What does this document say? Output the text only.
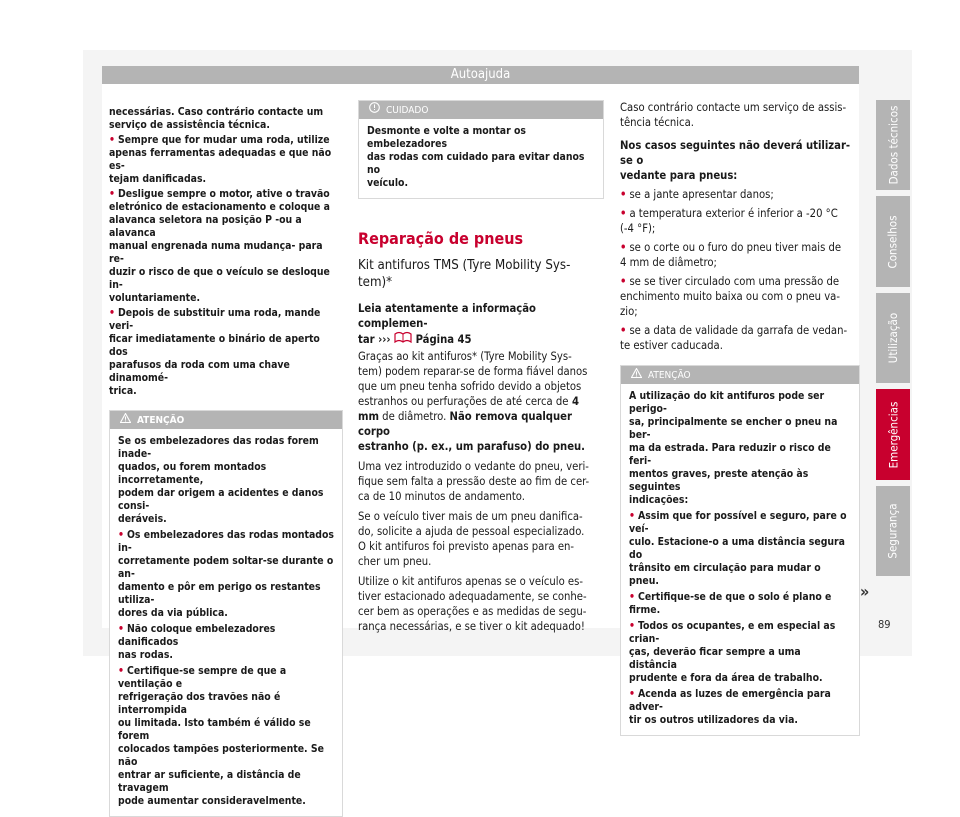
Autoajuda
necessárias. Caso contrário contacte um
serviço de assistência técnica.
• Sempre que for mudar uma roda, utilize
apenas ferramentas adequadas e que não es-
tejam danificadas.
• Desligue sempre o motor, ative o travão
eletrónico de estacionamento e coloque a
alavanca seletora na posição P -ou a alavanca
manual engrenada numa mudança- para re-
duzir o risco de que o veículo se desloque in-
voluntariamente.
• Depois de substituir uma roda, mande veri-
ficar imediatamente o binário de aperto dos
parafusos da roda com uma chave dinamomé-
trica.
ATENÇÃO
Se os embelezadores das rodas forem inade-
quados, ou forem montados incorretamente,
podem dar origem a acidentes e danos consi-
deráveis.
• Os embelezadores das rodas montados in-
corretamente podem soltar-se durante o an-
damento e pôr em perigo os restantes utiliza-
dores da via pública.
• Não coloque embelezadores danificados
nas rodas.
• Certifique-se sempre de que a ventilação e
refrigeração dos travões não é interrompida
ou limitada. Isto também é válido se forem
colocados tampões posteriormente. Se não
entrar ar suficiente, a distância de travagem
pode aumentar consideravelmente.
CUIDADO
Desmonte e volte a montar os embelezadores
das rodas com cuidado para evitar danos no
veículo.
Reparação de pneus
Kit antifuros TMS (Tyre Mobility Sys-
tem)*
Leia atentamente a informação complemen-
tar ››› Página 45
Graças ao kit antifuros* (Tyre Mobility Sys-
tem) podem reparar-se de forma fiável danos
que um pneu tenha sofrido devido a objetos
estranhos ou perfurações de até cerca de 4
mm de diâmetro. Não remova qualquer corpo
estranho (p. ex., um parafuso) do pneu.
Uma vez introduzido o vedante do pneu, veri-
fique sem falta a pressão deste ao fim de cer-
ca de 10 minutos de andamento.
Se o veículo tiver mais de um pneu danifica-
do, solicite a ajuda de pessoal especializado.
O kit antifuros foi previsto apenas para en-
cher um pneu.
Utilize o kit antifuros apenas se o veículo es-
tiver estacionado adequadamente, se conhe-
cer bem as operações e as medidas de segu-
rança necessárias, e se tiver o kit adequado!
Caso contrário contacte um serviço de assis-
tência técnica.
Nos casos seguintes não deverá utilizar-se o
vedante para pneus:
• se a jante apresentar danos;
• a temperatura exterior é inferior a -20 °C
(-4 °F);
• se o corte ou o furo do pneu tiver mais de
4 mm de diâmetro;
• se se tiver circulado com uma pressão de
enchimento muito baixa ou com o pneu va-
zio;
• se a data de validade da garrafa de vedan-
te estiver caducada.
ATENÇÃO
A utilização do kit antifuros pode ser perigo-
sa, principalmente se encher o pneu na ber-
ma da estrada. Para reduzir o risco de feri-
mentos graves, preste atenção às seguintes
indicações:
• Assim que for possível e seguro, pare o veí-
culo. Estacione-o a uma distância segura do
trânsito em circulação para mudar o pneu.
• Certifique-se de que o solo é plano e firme.
• Todos os ocupantes, e em especial as crian-
ças, deverão ficar sempre a uma distância
prudente e fora da área de trabalho.
• Acenda as luzes de emergência para adver-
tir os outros utilizadores da via.
»
Dados técnicos
Conselhos
Utilização
Emergências
Segurança
89
